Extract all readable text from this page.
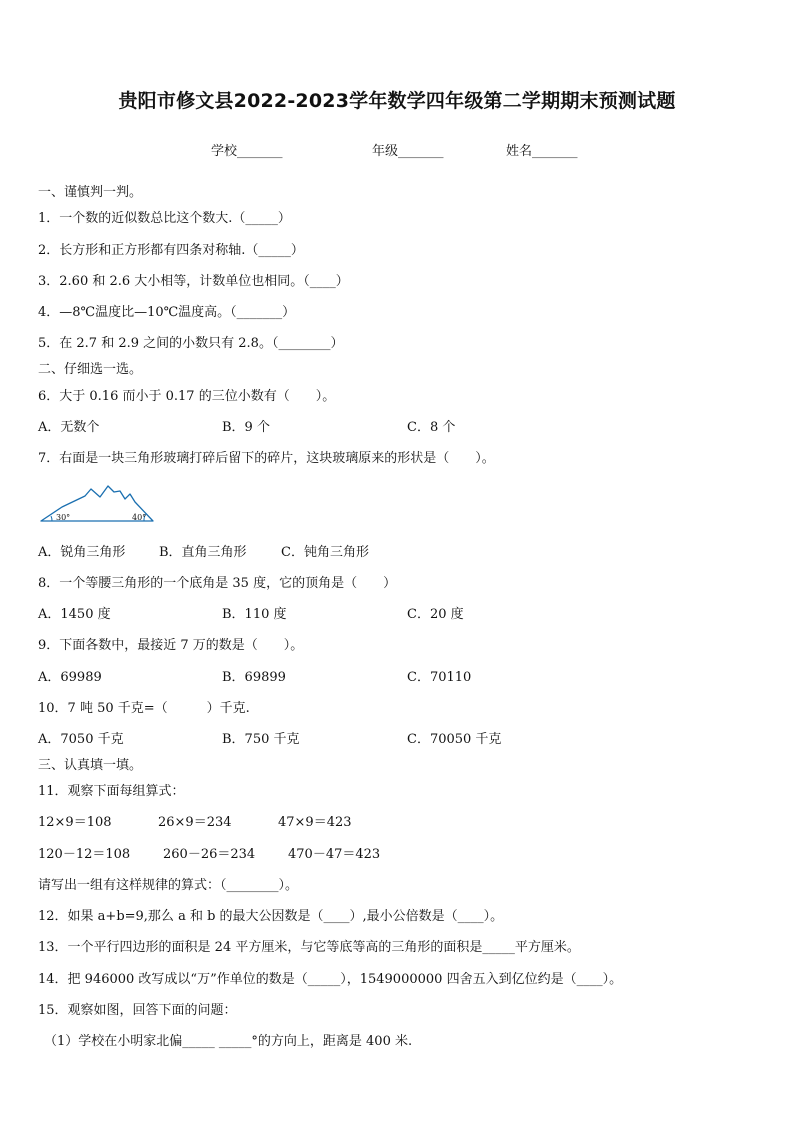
贵阳市修文县2022-2023学年数学四年级第二学期期末预测试题
学校_______	年级_______	姓名_______
一、谨慎判一判。
1．一个数的近似数总比这个数大.（_____）
2．长方形和正方形都有四条对称轴.（_____）
3．2.60 和 2.6 大小相等，计数单位也相同。（____）
4．—8℃温度比—10℃温度高。（_______）
5．在 2.7 和 2.9 之间的小数只有 2.8。（________）
二、仔细选一选。
6．大于 0.16 而小于 0.17 的三位小数有（　　）。
A．无数个	B．9 个	C．8 个
7．右面是一块三角形玻璃打碎后留下的碎片，这块玻璃原来的形状是（　　）。
30°	40°
A．锐角三角形	B．直角三角形	C．钝角三角形
8．一个等腰三角形的一个底角是 35 度，它的顶角是（　　）
A．1450 度	B．110 度	C．20 度
9．下面各数中，最接近 7 万的数是（　　）。
A．69989	B．69899	C．70110
10．7 吨 50 千克=（　　　）千克.
A．7050 千克	B．750 千克	C．70050 千克
三、认真填一填。
11．观察下面每组算式：
12×9＝108	26×9＝234	47×9＝423
120－12＝108	260－26＝234	470－47＝423
请写出一组有这样规律的算式：（________）。
12．如果 a+b=9,那么 a 和 b 的最大公因数是（____）,最小公倍数是（____）。
13．一个平行四边形的面积是 24 平方厘米，与它等底等高的三角形的面积是_____平方厘米。
14．把 946000 改写成以“万”作单位的数是（_____），1549000000 四舍五入到亿位约是（____）。
15．观察如图，回答下面的问题：
（1）学校在小明家北偏_____ _____°的方向上，距离是 400 米.
